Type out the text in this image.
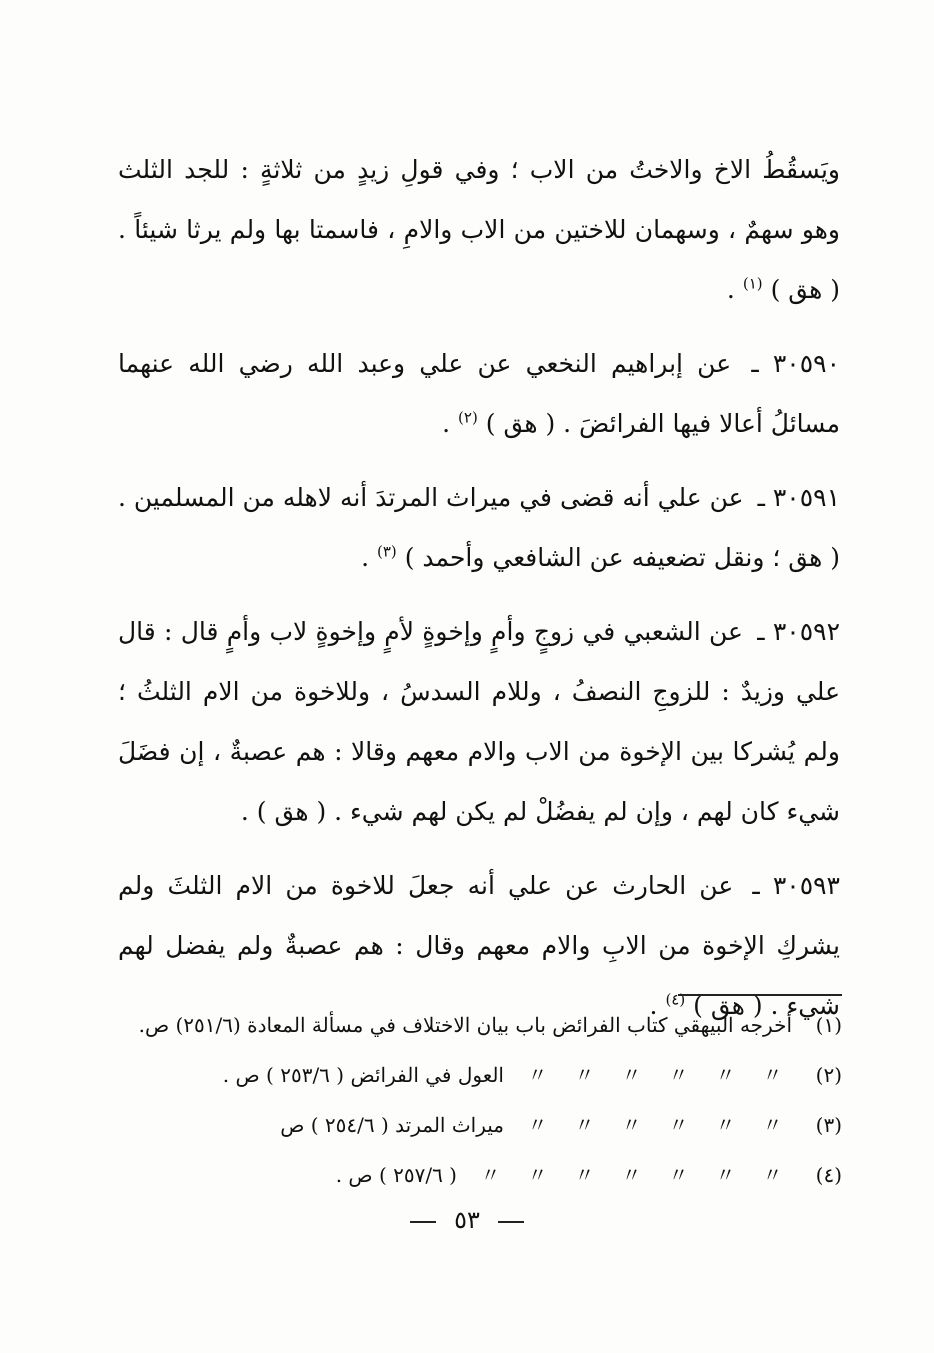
ويَسقُطُ الاخ والاختُ من الاب ؛ وفي قولِ زيدٍ من ثلاثةٍ : للجد الثلث وهو سهمٌ ، وسهمان للاختين من الاب والامِ ، فاسمتا بها ولم يرثا شيئاً . ( هق ) $^{(١)}$ .

٣٠٥٩٠ ـ عن إبراهيم النخعي عن علي وعبد الله رضي الله عنهما مسائلُ أعالا فيها الفرائضَ . ( هق ) $^{(٢)}$ .

٣٠٥٩١ ـ عن علي أنه قضى في ميراث المرتدَ أنه لاهله من المسلمين . ( هق ؛ ونقل تضعيفه عن الشافعي وأحمد ) $^{(٣)}$ .

٣٠٥٩٢ ـ عن الشعبي في زوجٍ وأمٍ وإخوةٍ لأمٍ وإخوةٍ لاب وأمٍ قال : قال علي وزيدٌ : للزوجِ النصفُ ، وللام السدسُ ، وللاخوة من الام الثلثُ ؛ ولم يُشركا بين الإخوة من الاب والام معهم وقالا : هم عصبةٌ ، إن فضَلَ شيء كان لهم ، وإن لم يفضُلْ لم يكن لهم شيء . ( هق ) .

٣٠٥٩٣ ـ عن الحارث عن علي أنه جعلَ للاخوة من الام الثلثَ ولم يشركِ الإخوة من الابِ والام معهم وقال : هم عصبةٌ ولم يفضل لهم شيء . ( هق ) $^{(٤)}$ .

(١)
أخرجه البيهقي كتاب الفرائض باب بيان الاختلاف في مسألة المعادة (٢٥١/٦) ص.
(٢)
〃
〃
〃
〃
〃
〃
العول في الفرائض ( ٢٥٣/٦ ) ص .
(٣)
〃
〃
〃
〃
〃
〃
ميراث المرتد ( ٢٥٤/٦ ) ص
(٤)
〃
〃
〃
〃
〃
〃
〃
( ٢٥٧/٦ ) ص .
٥٣
